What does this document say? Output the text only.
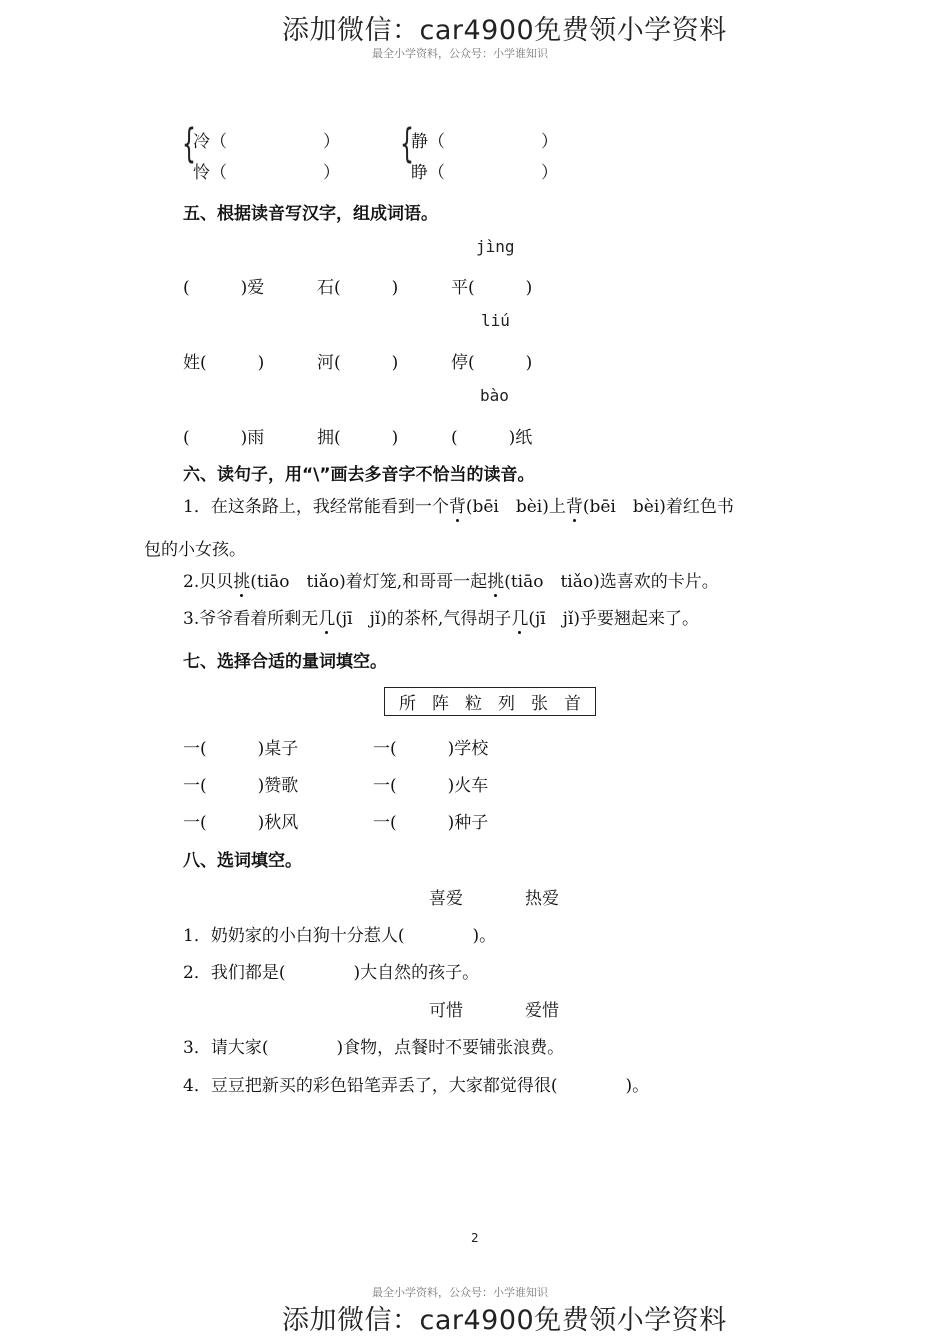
添加微信：car4900免费领小学资料
最全小学资料，公众号：小学谁知识
{
冷（	）
怜（	）
{
静（	）
睁（	）
五、根据读音写汉字，组成词语。
jìng
(　　　)爱	石(　　　)	平(　　　)
liú
姓(　　　)	河(　　　)	停(　　　)
bào
(　　　)雨	拥(　　　)	(　　　)纸
六、读句子，用“\”画去多音字不恰当的读音。
1．在这条路上，我经常能看到一个背(bēi　bèi)上背(bēi　bèi)着红色书
包的小女孩。
2.贝贝挑(tiāo　tiǎo)着灯笼,和哥哥一起挑(tiāo　tiǎo)选喜欢的卡片。
3.爷爷看着所剩无几(jī　jǐ)的茶杯,气得胡子几(jī　jǐ)乎要翘起来了。
七、选择合适的量词填空。
所 阵 粒 列 张 首
一(　　　)桌子	一(　　　)学校
一(　　　)赞歌	一(　　　)火车
一(　　　)秋风	一(　　　)种子
八、选词填空。
喜爱	热爱
1．奶奶家的小白狗十分惹人(　　　　)。
2．我们都是(　　　　)大自然的孩子。
可惜	爱惜
3．请大家(　　　　)食物，点餐时不要铺张浪费。
4．豆豆把新买的彩色铅笔弄丢了，大家都觉得很(　　　　)。
2
最全小学资料，公众号：小学谁知识
添加微信：car4900免费领小学资料
